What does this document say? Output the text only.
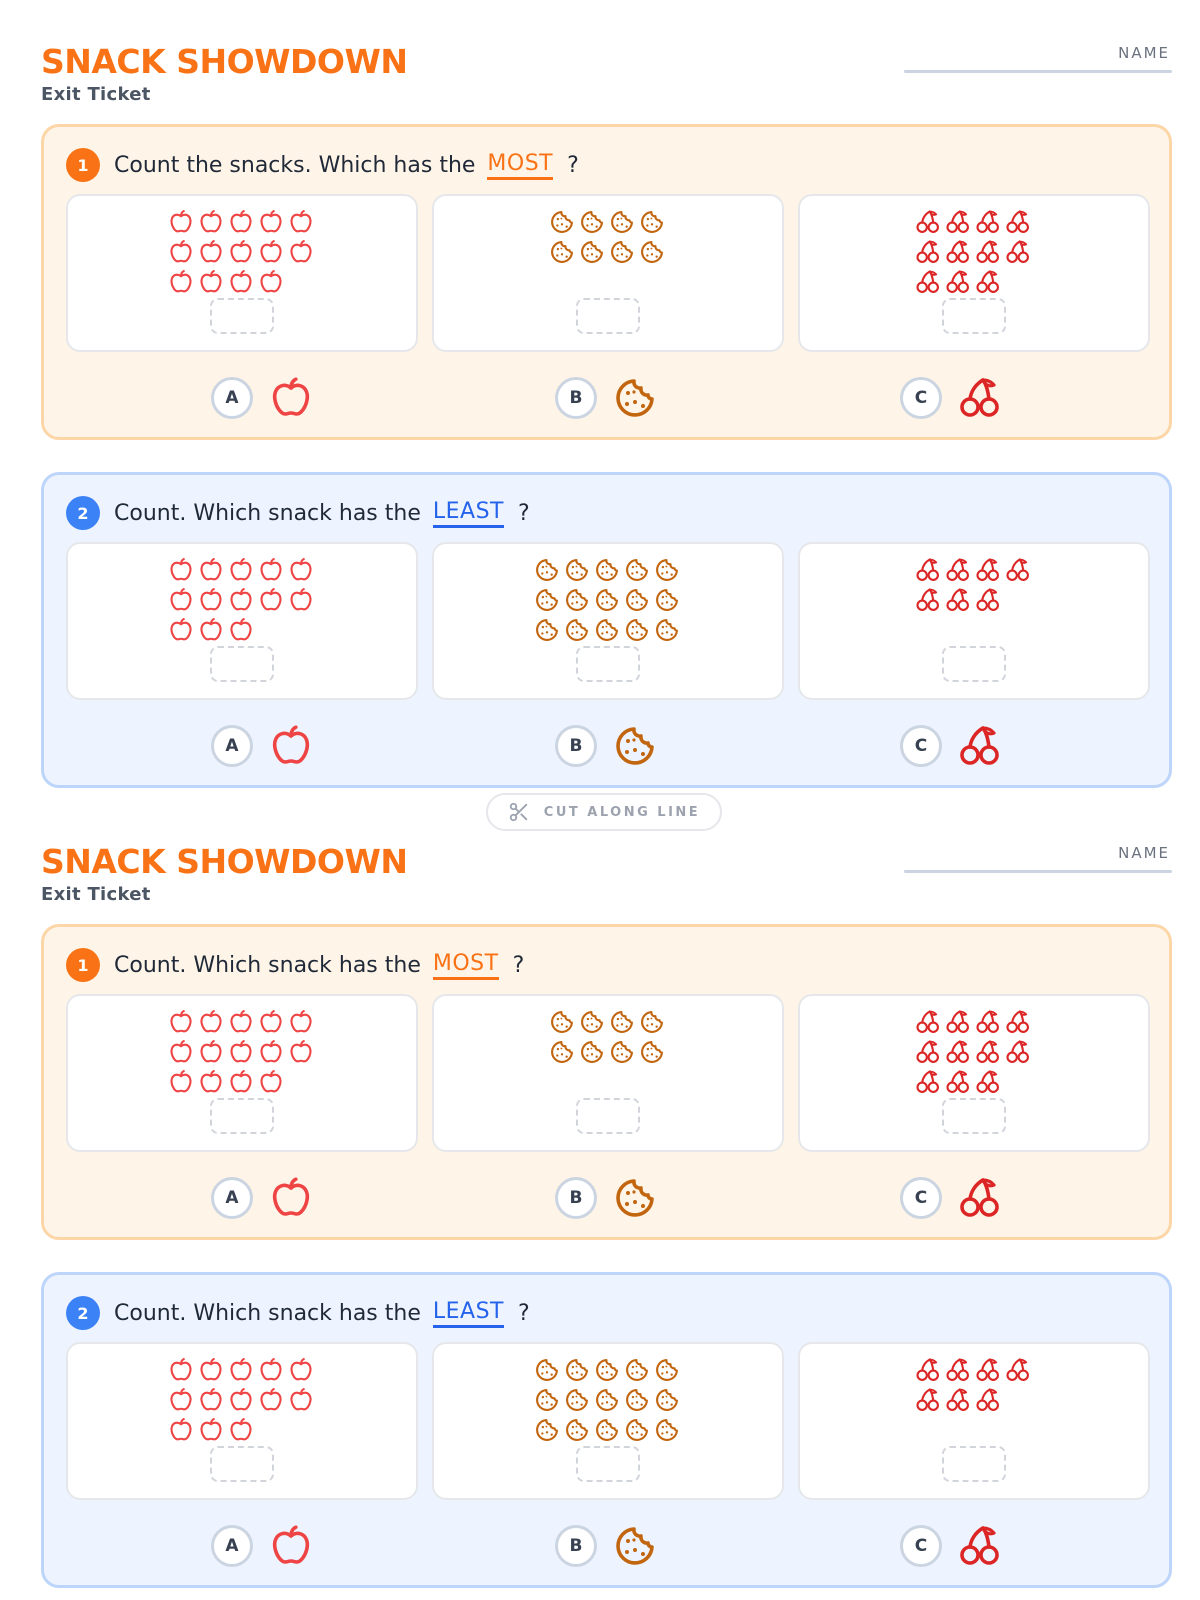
SNACK SHOWDOWN
Exit Ticket
NAME
1	Count the snacks. Which has the MOST ?
A	B	C
2	Count. Which snack has the LEAST ?
A	B	C
SNACK SHOWDOWN
Exit Ticket
NAME
1	Count. Which snack has the MOST ?
A	B	C
2	Count. Which snack has the LEAST ?
A	B	C
CUT ALONG LINE
